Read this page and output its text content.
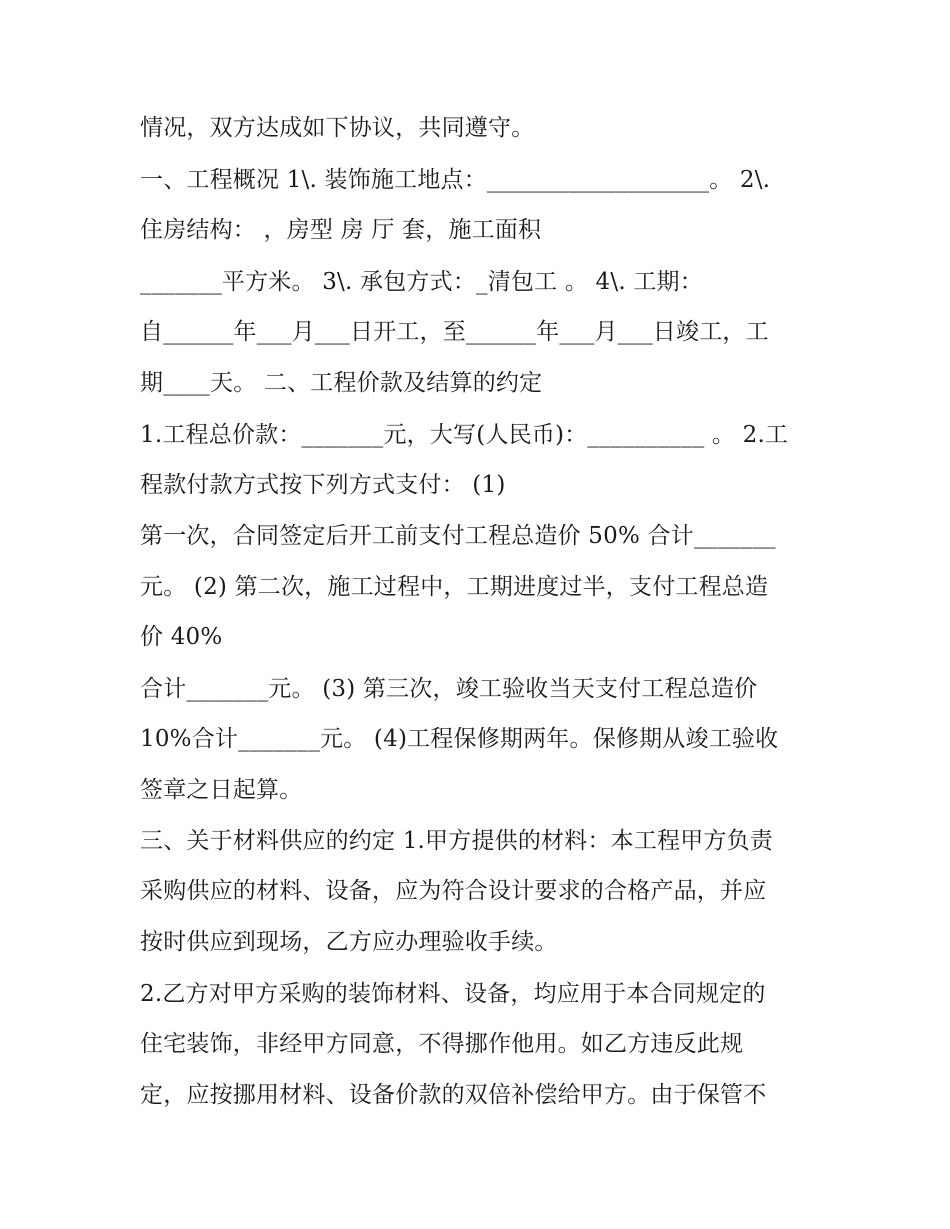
情况，双方达成如下协议，共同遵守。
一、工程概况 1\. 装饰施工地点：___________________。 2\.
住房结构： ，房型 房 厅 套，施工面积
_______平方米。 3\. 承包方式：_清包工 。 4\. 工期：
自______年___月___日开工，至______年___月___日竣工，工
期____天。 二、工程价款及结算的约定
1.工程总价款：_______元，大写(人民币)：__________ 。 2.工
程款付款方式按下列方式支付： (1)
第一次，合同签定后开工前支付工程总造价 50% 合计_______
元。 (2) 第二次，施工过程中，工期进度过半，支付工程总造
价 40%
合计_______元。 (3) 第三次，竣工验收当天支付工程总造价
10%合计_______元。 (4)工程保修期两年。保修期从竣工验收
签章之日起算。
三、关于材料供应的约定 1.甲方提供的材料：本工程甲方负责
采购供应的材料、设备，应为符合设计要求的合格产品，并应
按时供应到现场，乙方应办理验收手续。
2.乙方对甲方采购的装饰材料、设备，均应用于本合同规定的
住宅装饰，非经甲方同意，不得挪作他用。如乙方违反此规
定，应按挪用材料、设备价款的双倍补偿给甲方。由于保管不
